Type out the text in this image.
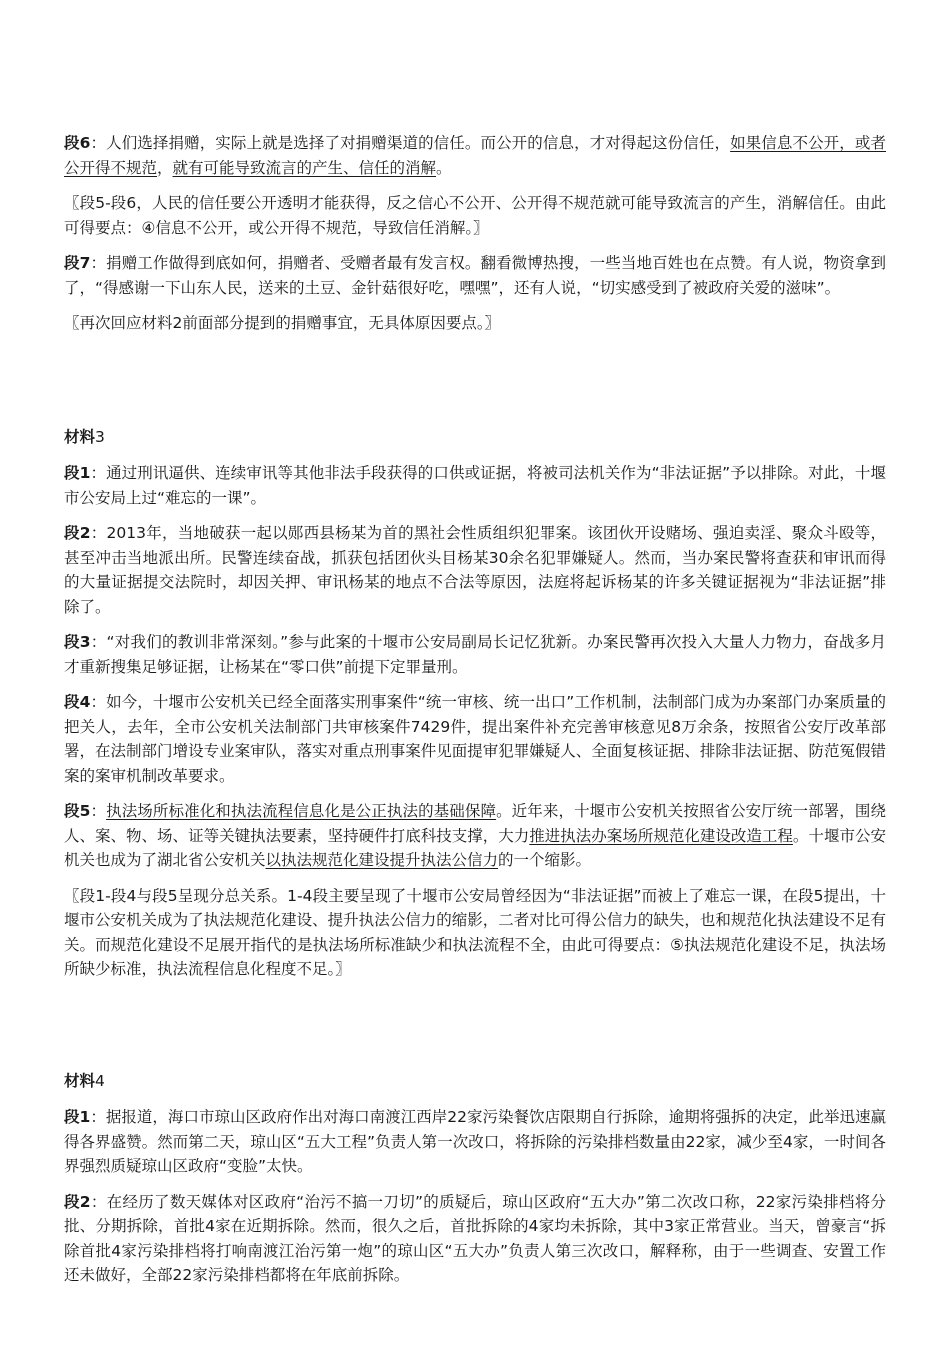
段6：人们选择捐赠，实际上就是选择了对捐赠渠道的信任。而公开的信息，才对得起这份信任，如果信息不公开，或者公开得不规范，就有可能导致流言的产生、信任的消解。

〖段5-段6，人民的信任要公开透明才能获得，反之信心不公开、公开得不规范就可能导致流言的产生，消解信任。由此可得要点：④信息不公开，或公开得不规范，导致信任消解。〗

段7：捐赠工作做得到底如何，捐赠者、受赠者最有发言权。翻看微博热搜，一些当地百姓也在点赞。有人说，物资拿到了，“得感谢一下山东人民，送来的土豆、金针菇很好吃，嘿嘿”，还有人说，“切实感受到了被政府关爱的滋味”。

〖再次回应材料2前面部分提到的捐赠事宜，无具体原因要点。〗

材料3

段1：通过刑讯逼供、连续审讯等其他非法手段获得的口供或证据，将被司法机关作为“非法证据”予以排除。对此，十堰市公安局上过“难忘的一课”。

段2：2013年，当地破获一起以郧西县杨某为首的黑社会性质组织犯罪案。该团伙开设赌场、强迫卖淫、聚众斗殴等，甚至冲击当地派出所。民警连续奋战，抓获包括团伙头目杨某30余名犯罪嫌疑人。然而，当办案民警将查获和审讯而得的大量证据提交法院时，却因关押、审讯杨某的地点不合法等原因，法庭将起诉杨某的许多关键证据视为“非法证据”排除了。

段3：“对我们的教训非常深刻。”参与此案的十堰市公安局副局长记忆犹新。办案民警再次投入大量人力物力，奋战多月才重新搜集足够证据，让杨某在“零口供”前提下定罪量刑。

段4：如今，十堰市公安机关已经全面落实刑事案件“统一审核、统一出口”工作机制，法制部门成为办案部门办案质量的把关人，去年，全市公安机关法制部门共审核案件7429件，提出案件补充完善审核意见8万余条，按照省公安厅改革部署，在法制部门增设专业案审队，落实对重点刑事案件见面提审犯罪嫌疑人、全面复核证据、排除非法证据、防范冤假错案的案审机制改革要求。

段5：执法场所标准化和执法流程信息化是公正执法的基础保障。近年来，十堰市公安机关按照省公安厅统一部署，围绕人、案、物、场、证等关键执法要素，坚持硬件打底科技支撑，大力推进执法办案场所规范化建设改造工程。十堰市公安机关也成为了湖北省公安机关以执法规范化建设提升执法公信力的一个缩影。

〖段1-段4与段5呈现分总关系。1-4段主要呈现了十堰市公安局曾经因为“非法证据”而被上了难忘一课，在段5提出，十堰市公安机关成为了执法规范化建设、提升执法公信力的缩影，二者对比可得公信力的缺失，也和规范化执法建设不足有关。而规范化建设不足展开指代的是执法场所标准缺少和执法流程不全，由此可得要点：⑤执法规范化建设不足，执法场所缺少标准，执法流程信息化程度不足。〗

材料4

段1：据报道，海口市琼山区政府作出对海口南渡江西岸22家污染餐饮店限期自行拆除，逾期将强拆的决定，此举迅速赢得各界盛赞。然而第二天，琼山区“五大工程”负责人第一次改口，将拆除的污染排档数量由22家，减少至4家，一时间各界强烈质疑琼山区政府“变脸”太快。

段2：在经历了数天媒体对区政府“治污不搞一刀切”的质疑后，琼山区政府“五大办”第二次改口称，22家污染排档将分批、分期拆除，首批4家在近期拆除。然而，很久之后，首批拆除的4家均未拆除，其中3家正常营业。当天，曾豪言“拆除首批4家污染排档将打响南渡江治污第一炮”的琼山区“五大办”负责人第三次改口，解释称，由于一些调查、安置工作还未做好，全部22家污染排档都将在年底前拆除。
